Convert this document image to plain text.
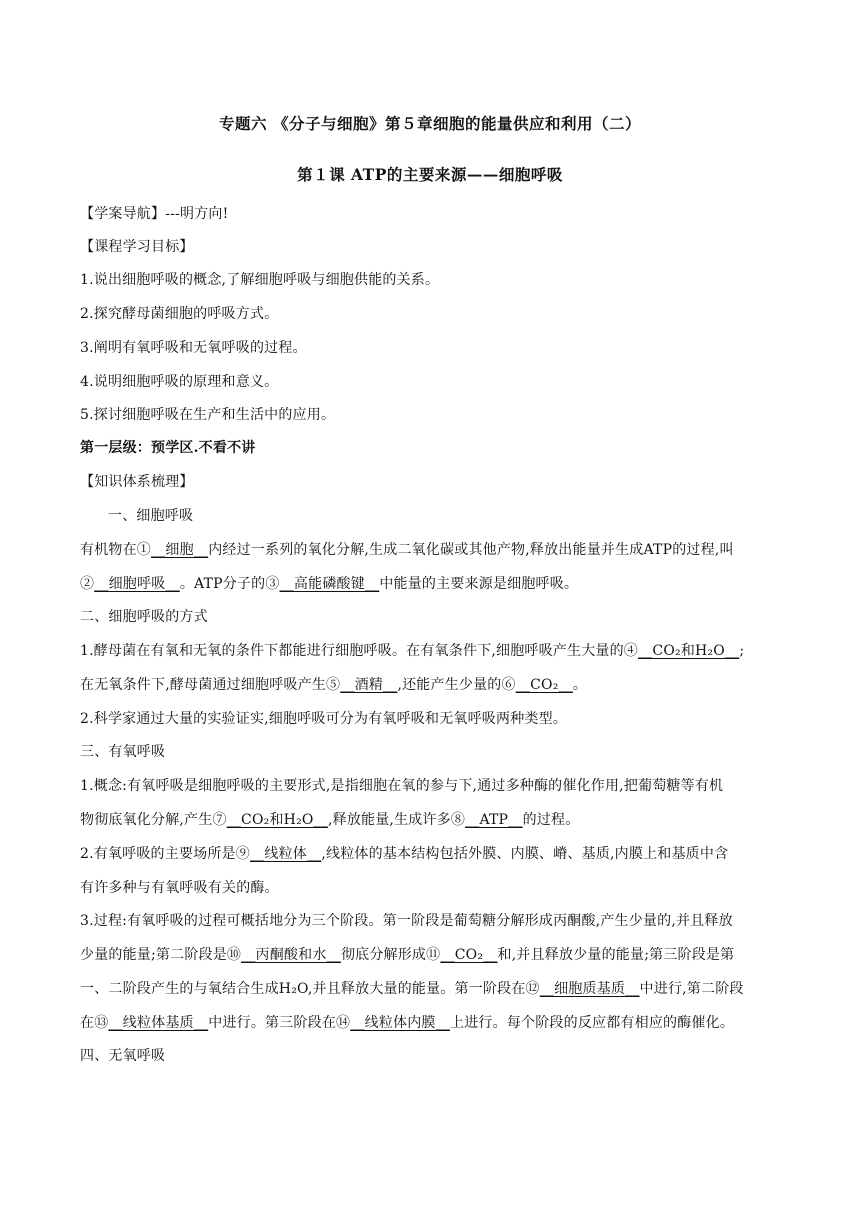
专题六 《分子与细胞》第５章细胞的能量供应和利用（二）
第１课 ATP的主要来源——细胞呼吸
【学案导航】---明方向!
【课程学习目标】
1.说出细胞呼吸的概念,了解细胞呼吸与细胞供能的关系。
2.探究酵母菌细胞的呼吸方式。
3.阐明有氧呼吸和无氧呼吸的过程。
4.说明细胞呼吸的原理和意义。
5.探讨细胞呼吸在生产和生活中的应用。
第一层级：预学区.不看不讲
【知识体系梳理】
一、细胞呼吸
有机物在①__细胞__内经过一系列的氧化分解,生成二氧化碳或其他产物,释放出能量并生成ATP的过程,叫
②__细胞呼吸__。ATP分子的③__高能磷酸键__中能量的主要来源是细胞呼吸。
二、细胞呼吸的方式
1.酵母菌在有氧和无氧的条件下都能进行细胞呼吸。在有氧条件下,细胞呼吸产生大量的④__CO₂和H₂O__;
在无氧条件下,酵母菌通过细胞呼吸产生⑤__酒精__,还能产生少量的⑥__CO₂__。
2.科学家通过大量的实验证实,细胞呼吸可分为有氧呼吸和无氧呼吸两种类型。
三、有氧呼吸
1.概念:有氧呼吸是细胞呼吸的主要形式,是指细胞在氧的参与下,通过多种酶的催化作用,把葡萄糖等有机
物彻底氧化分解,产生⑦__CO₂和H₂O__,释放能量,生成许多⑧__ATP__的过程。
2.有氧呼吸的主要场所是⑨__线粒体__,线粒体的基本结构包括外膜、内膜、嵴、基质,内膜上和基质中含
有许多种与有氧呼吸有关的酶。
3.过程:有氧呼吸的过程可概括地分为三个阶段。第一阶段是葡萄糖分解形成丙酮酸,产生少量的,并且释放
少量的能量;第二阶段是⑩__丙酮酸和水__彻底分解形成⑪__CO₂__和,并且释放少量的能量;第三阶段是第
一、二阶段产生的与氧结合生成H₂O,并且释放大量的能量。第一阶段在⑫__细胞质基质__中进行,第二阶段
在⑬__线粒体基质__中进行。第三阶段在⑭__线粒体内膜__上进行。每个阶段的反应都有相应的酶催化。
四、无氧呼吸
